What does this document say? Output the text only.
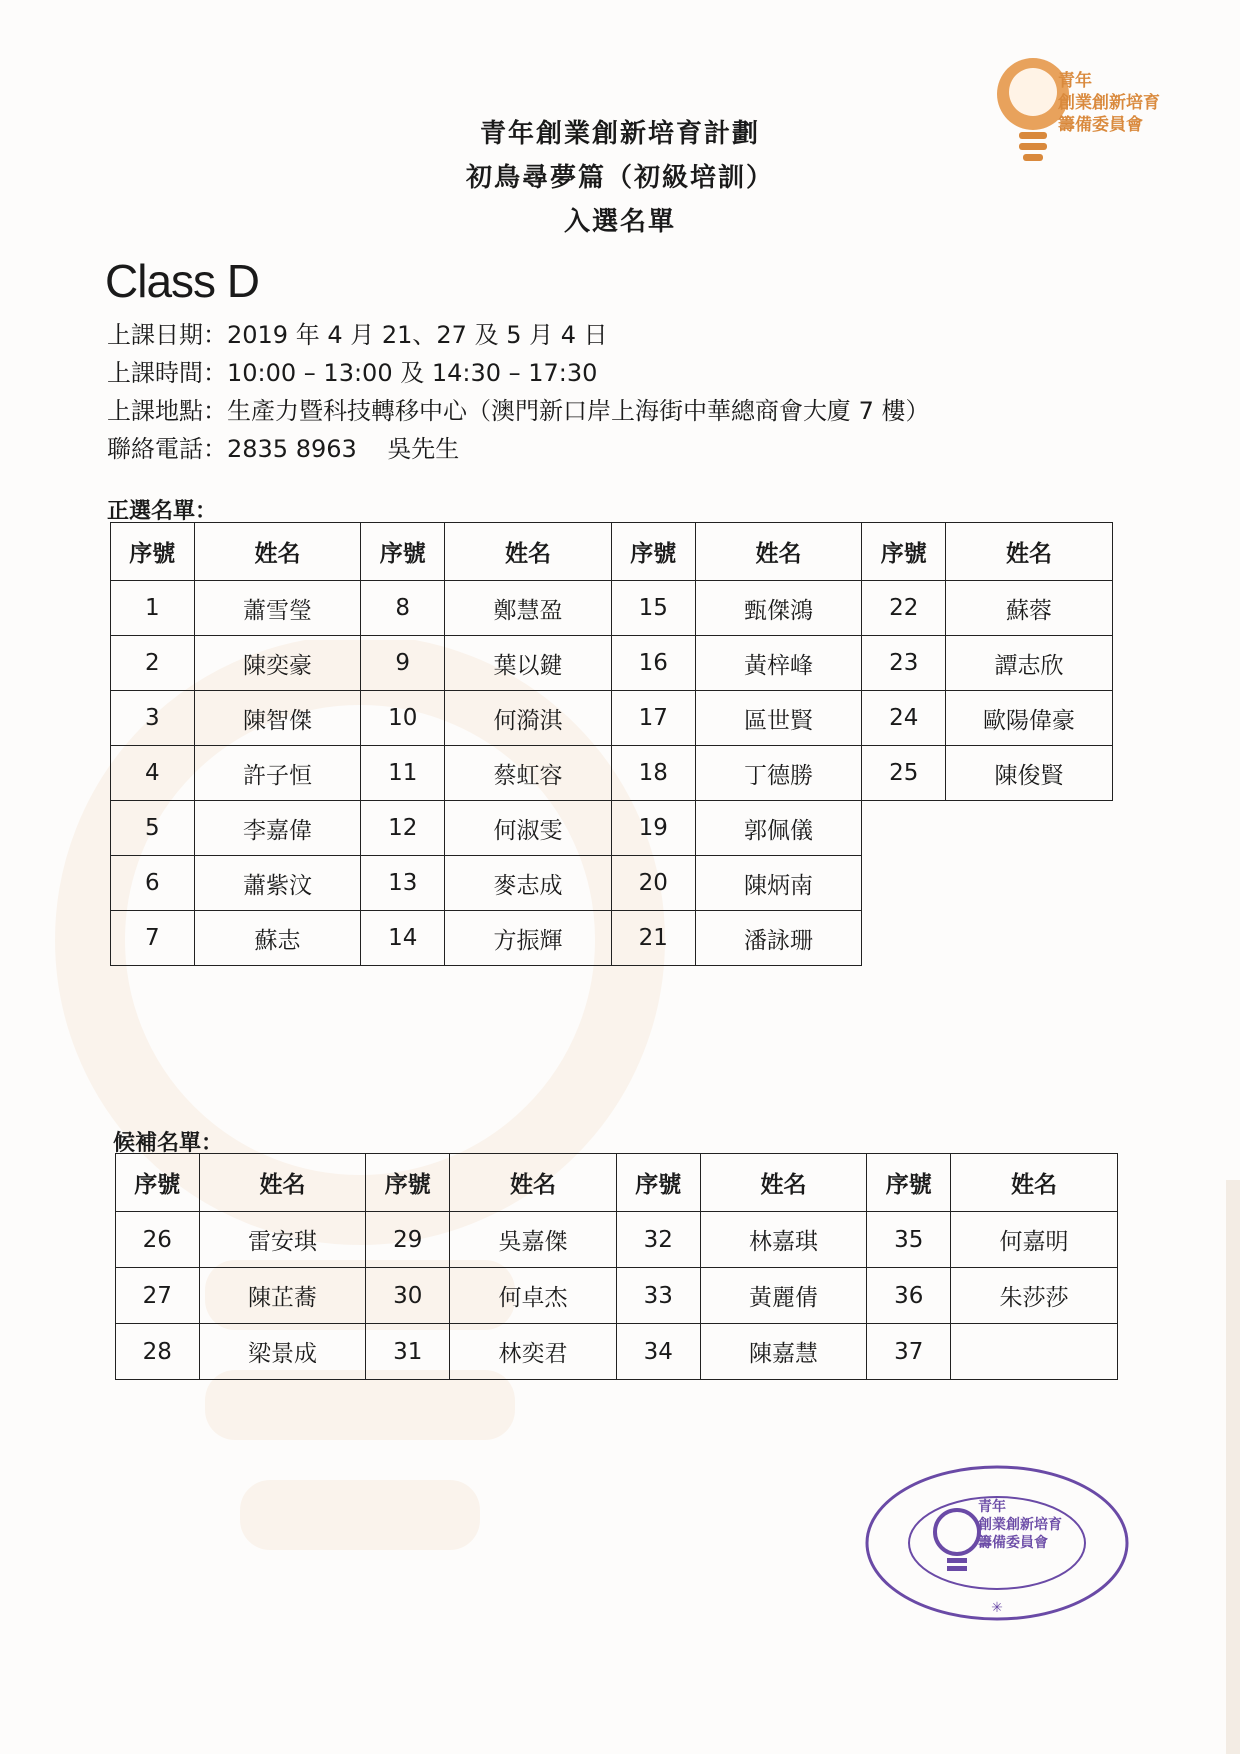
青年
創業創新培育
籌備委員會
青年創業創新培育計劃
初鳥尋夢篇（初級培訓）
入選名單
Class D
上課日期：2019 年 4 月 21、27 及 5 月 4 日
上課時間：10:00 – 13:00 及 14:30 – 17:30
上課地點：生產力暨科技轉移中心（澳門新口岸上海街中華總商會大廈 7 樓）
聯絡電話：2835 8963 吳先生
正選名單：
序號	姓名	序號	姓名	序號	姓名	序號	姓名
1	蕭雪瑩	8	鄭慧盈	15	甄傑鴻	22	蘇蓉
2	陳奕豪	9	葉以鍵	16	黃梓峰	23	譚志欣
3	陳智傑	10	何漪淇	17	區世賢	24	歐陽偉豪
4	許子恒	11	蔡虹容	18	丁德勝	25	陳俊賢
5	李嘉偉	12	何淑雯	19	郭佩儀		
6	蕭紫汶	13	麥志成	20	陳炳南		
7	蘇志	14	方振輝	21	潘詠珊		
候補名單：
序號	姓名	序號	姓名	序號	姓名	序號	姓名
26	雷安琪	29	吳嘉傑	32	林嘉琪	35	何嘉明
27	陳芷蕎	30	何卓杰	33	黃麗倩	36	朱莎莎
28	梁景成	31	林奕君	34	陳嘉慧	37	
✳
青年
創業創新培育
籌備委員會
